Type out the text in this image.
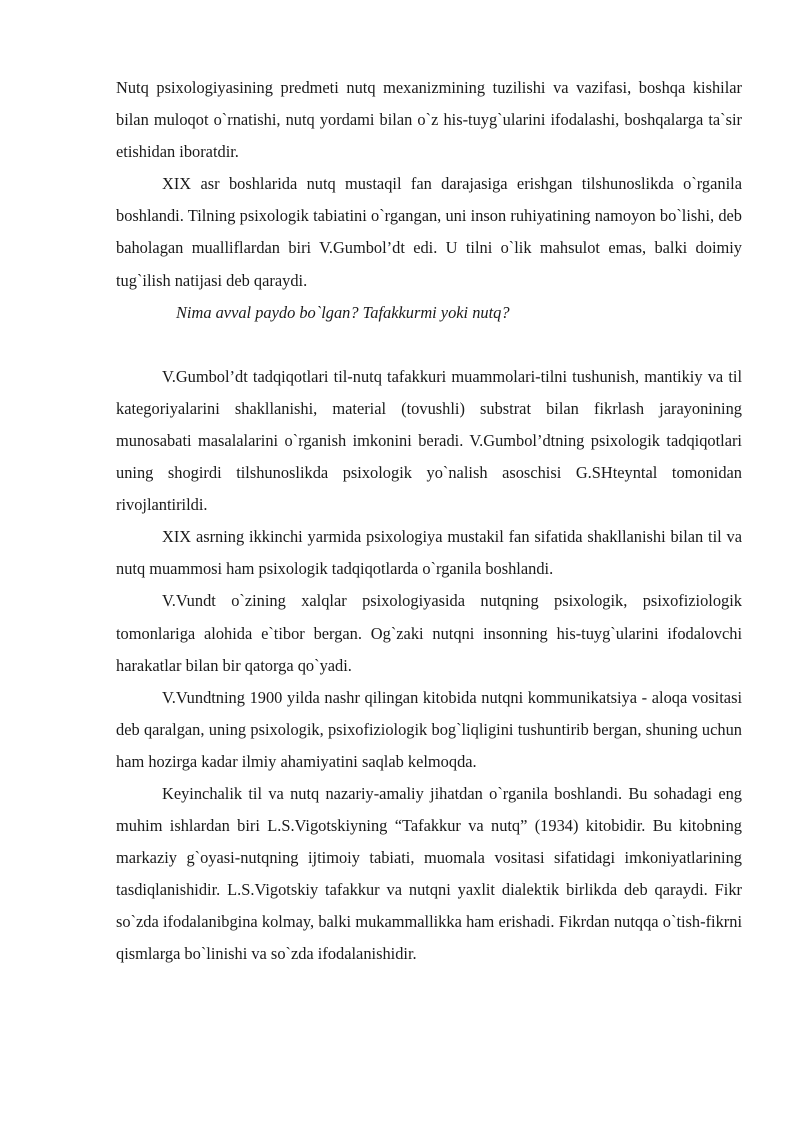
Nutq psixologiyasining predmeti nutq mexanizmining tuzilishi va vazifasi, boshqa kishilar bilan muloqot o`rnatishi, nutq yordami bilan o`z his-tuyg`ularini ifodalashi, boshqalarga ta`sir etishidan iboratdir.

XIX asr boshlarida nutq mustaqil fan darajasiga erishgan tilshunoslikda o`rganila boshlandi. Tilning psixologik tabiatini o`rgangan, uni inson ruhiyatining namoyon bo`lishi, deb baholagan mualliflardan biri V.Gumbol’dt edi. U tilni o`lik mahsulot emas, balki doimiy tug`ilish natijasi deb qaraydi.

Nima avval paydo bo`lgan? Tafakkurmi yoki nutq?

V.Gumbol’dt tadqiqotlari til-nutq tafakkuri muammolari-tilni tushunish, mantikiy va til kategoriyalarini shakllanishi, material (tovushli) substrat bilan fikrlash jarayonining munosabati masalalarini o`rganish imkonini beradi. V.Gumbol’dtning psixologik tadqiqotlari uning shogirdi tilshunoslikda psixologik yo`nalish asoschisi G.SHteyntal tomonidan rivojlantirildi.

XIX asrning ikkinchi yarmida psixologiya mustakil fan sifatida shakllanishi bilan til va nutq muammosi ham psixologik tadqiqotlarda o`rganila boshlandi.

V.Vundt o`zining xalqlar psixologiyasida nutqning psixologik, psixofiziologik tomonlariga alohida e`tibor bergan. Og`zaki nutqni insonning his-tuyg`ularini ifodalovchi harakatlar bilan bir qatorga qo`yadi.

V.Vundtning 1900 yilda nashr qilingan kitobida nutqni kommunikatsiya - aloqa vositasi deb qaralgan, uning psixologik, psixofiziologik bog`liqligini tushuntirib bergan, shuning uchun ham hozirga kadar ilmiy ahamiyatini saqlab kelmoqda.

Keyinchalik til va nutq nazariy-amaliy jihatdan o`rganila boshlandi. Bu sohadagi eng muhim ishlardan biri L.S.Vigotskiyning “Tafakkur va nutq” (1934) kitobidir. Bu kitobning markaziy g`oyasi-nutqning ijtimoiy tabiati, muomala vositasi sifatidagi imkoniyatlarining tasdiqlanishidir. L.S.Vigotskiy tafakkur va nutqni yaxlit dialektik birlikda deb qaraydi. Fikr so`zda ifodalanibgina kolmay, balki mukammallikka ham erishadi. Fikrdan nutqqa o`tish-fikrni qismlarga bo`linishi va so`zda ifodalanishidir.
